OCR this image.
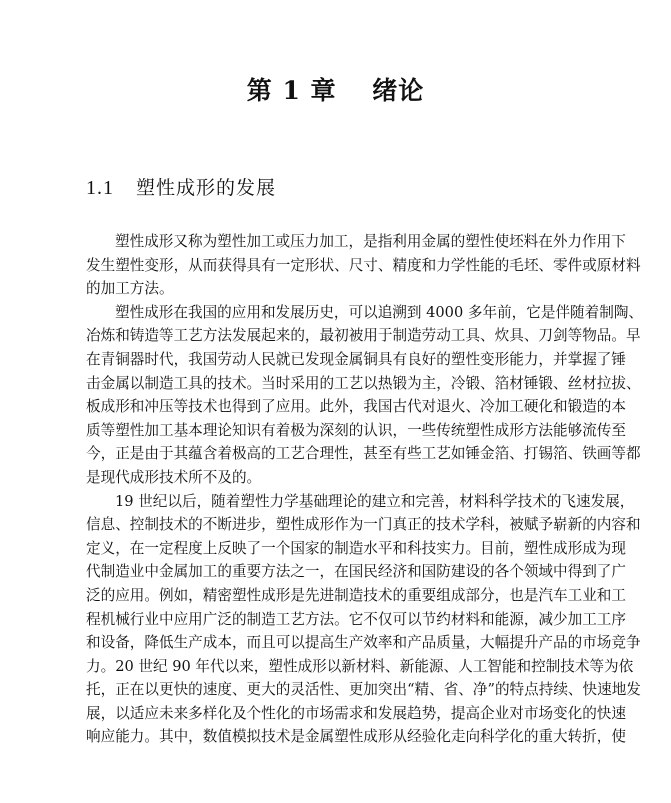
第 1 章　 绪论
1.1 塑性成形的发展
塑性成形又称为塑性加工或压力加工，是指利用金属的塑性使坯料在外力作用下
发生塑性变形，从而获得具有一定形状、尺寸、精度和力学性能的毛坯、零件或原材料
的加工方法。
塑性成形在我国的应用和发展历史，可以追溯到 4000 多年前，它是伴随着制陶、
冶炼和铸造等工艺方法发展起来的，最初被用于制造劳动工具、炊具、刀剑等物品。早
在青铜器时代，我国劳动人民就已发现金属铜具有良好的塑性变形能力，并掌握了锤
击金属以制造工具的技术。当时采用的工艺以热锻为主，冷锻、箔材锤锻、丝材拉拔、
板成形和冲压等技术也得到了应用。此外，我国古代对退火、冷加工硬化和锻造的本
质等塑性加工基本理论知识有着极为深刻的认识，一些传统塑性成形方法能够流传至
今，正是由于其蕴含着极高的工艺合理性，甚至有些工艺如锤金箔、打锡箔、铁画等都
是现代成形技术所不及的。
19 世纪以后，随着塑性力学基础理论的建立和完善，材料科学技术的飞速发展，
信息、控制技术的不断进步，塑性成形作为一门真正的技术学科，被赋予崭新的内容和
定义，在一定程度上反映了一个国家的制造水平和科技实力。目前，塑性成形成为现
代制造业中金属加工的重要方法之一，在国民经济和国防建设的各个领域中得到了广
泛的应用。例如，精密塑性成形是先进制造技术的重要组成部分，也是汽车工业和工
程机械行业中应用广泛的制造工艺方法。它不仅可以节约材料和能源，减少加工工序
和设备，降低生产成本，而且可以提高生产效率和产品质量，大幅提升产品的市场竞争
力。20 世纪 90 年代以来，塑性成形以新材料、新能源、人工智能和控制技术等为依
托，正在以更快的速度、更大的灵活性、更加突出“精、省、净”的特点持续、快速地发
展，以适应未来多样化及个性化的市场需求和发展趋势，提高企业对市场变化的快速
响应能力。其中，数值模拟技术是金属塑性成形从经验化走向科学化的重大转折，使
